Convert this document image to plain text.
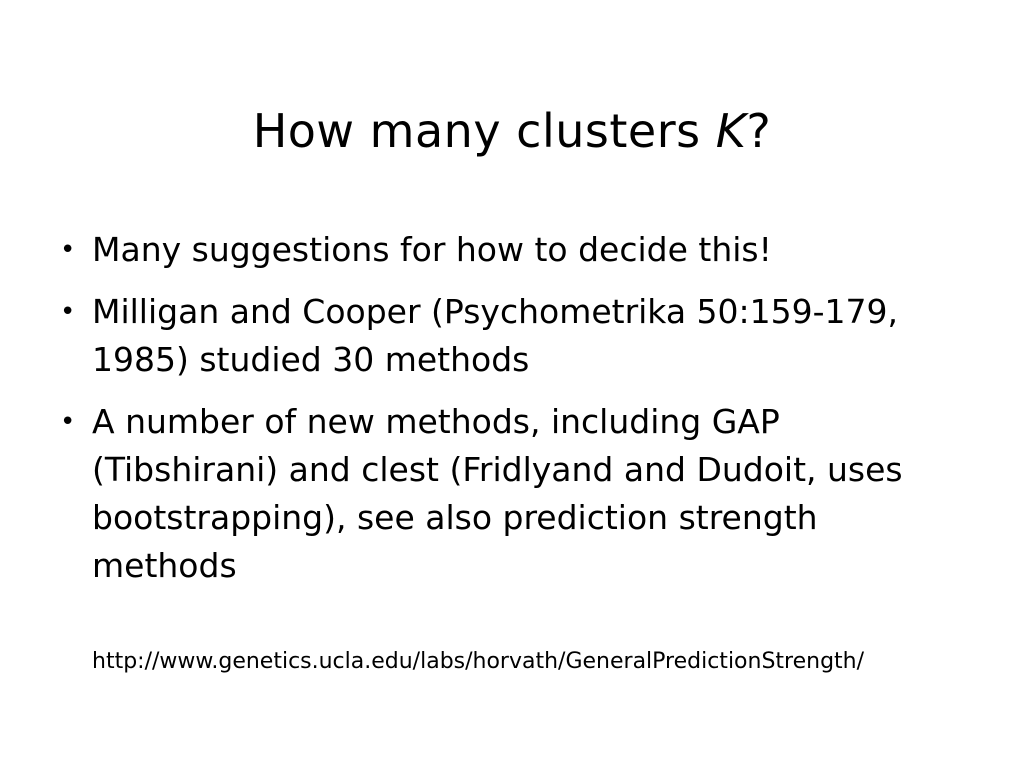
How many clusters K?
• Many suggestions for how to decide this!
• Milligan and Cooper (Psychometrika 50:159-179, 1985) studied 30 methods
• A number of new methods, including GAP (Tibshirani) and clest (Fridlyand and Dudoit, uses bootstrapping), see also prediction strength methods
http://www.genetics.ucla.edu/labs/horvath/GeneralPredictionStrength/
